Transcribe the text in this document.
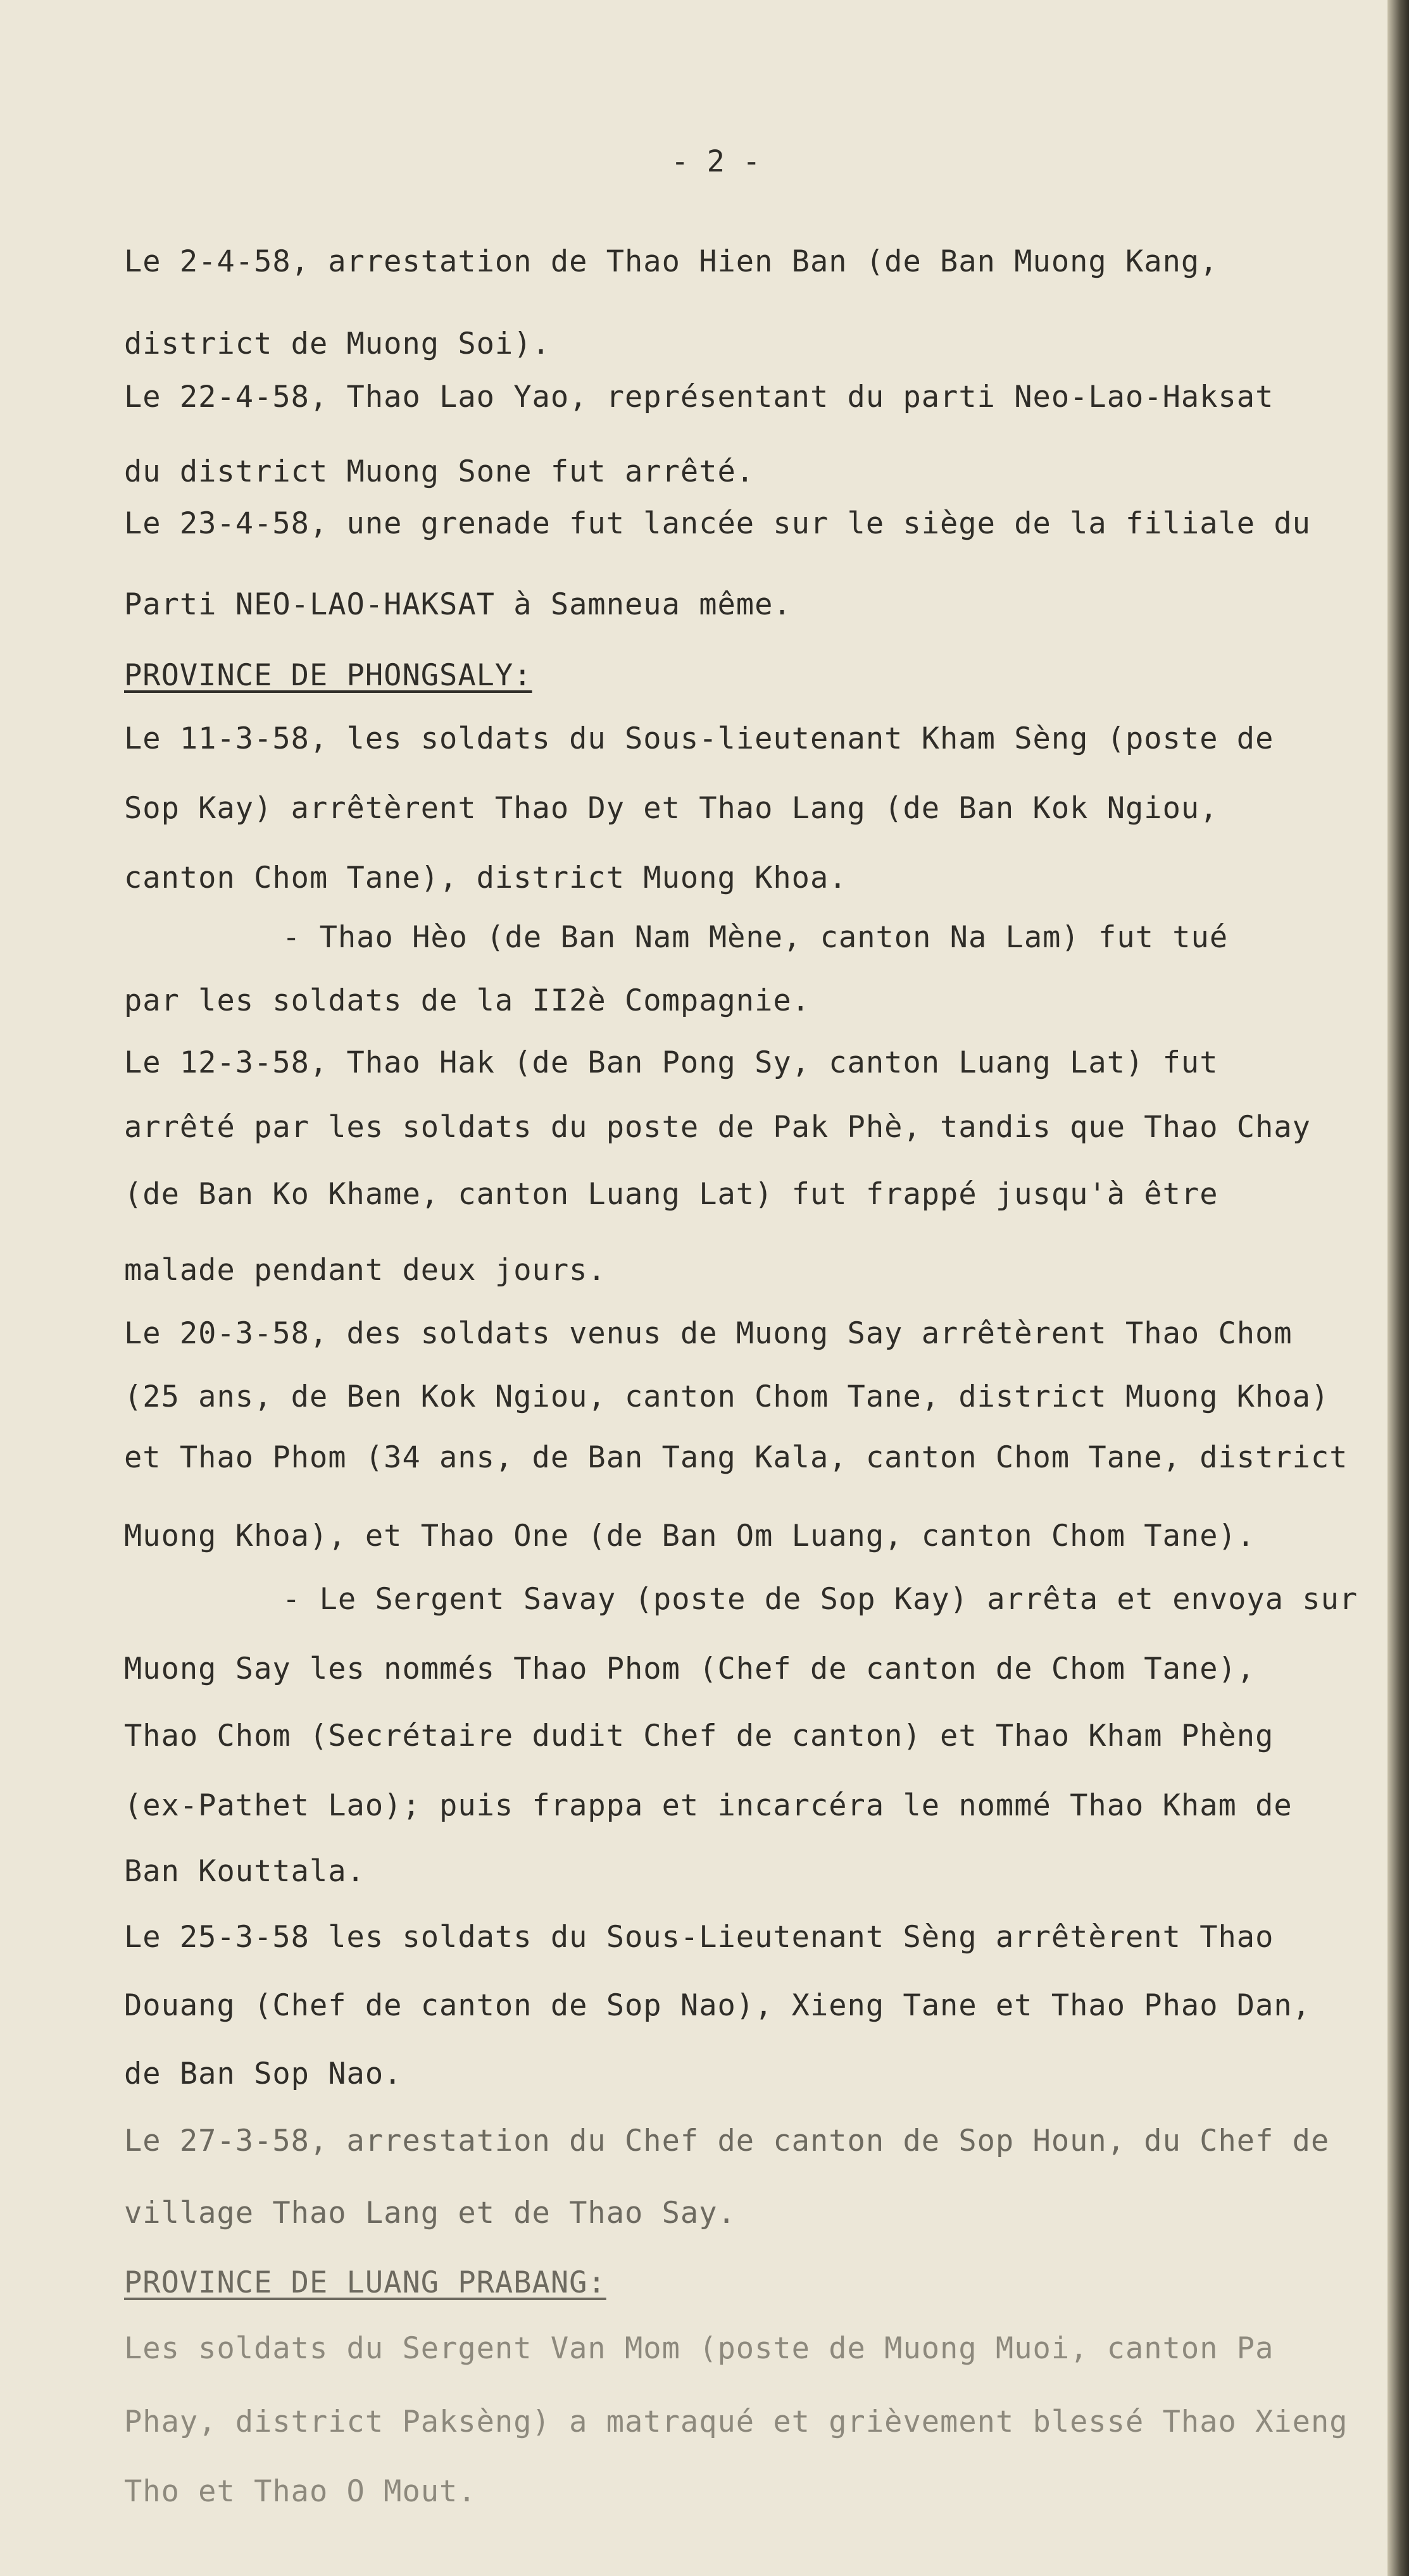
- 2 -
Le 2-4-58, arrestation de Thao Hien Ban (de Ban Muong Kang,
district de Muong Soi).
Le 22-4-58, Thao Lao Yao, représentant du parti Neo-Lao-Haksat
du district Muong Sone fut arrêté.
Le 23-4-58, une grenade fut lancée sur le siège de la filiale du
Parti NEO-LAO-HAKSAT à Samneua même.
PROVINCE DE PHONGSALY:
Le 11-3-58, les soldats du Sous-lieutenant Kham Sèng (poste de
Sop Kay) arrêtèrent Thao Dy et Thao Lang (de Ban Kok Ngiou,
canton Chom Tane), district Muong Khoa.
- Thao Hèo (de Ban Nam Mène, canton Na Lam) fut tué
par les soldats de la II2è Compagnie.
Le 12-3-58, Thao Hak (de Ban Pong Sy, canton Luang Lat) fut
arrêté par les soldats du poste de Pak Phè, tandis que Thao Chay
(de Ban Ko Khame, canton Luang Lat) fut frappé jusqu'à être
malade pendant deux jours.
Le 20-3-58, des soldats venus de Muong Say arrêtèrent Thao Chom
(25 ans, de Ben Kok Ngiou, canton Chom Tane, district Muong Khoa)
et Thao Phom (34 ans, de Ban Tang Kala, canton Chom Tane, district
Muong Khoa), et Thao One (de Ban Om Luang, canton Chom Tane).
- Le Sergent Savay (poste de Sop Kay) arrêta et envoya sur
Muong Say les nommés Thao Phom (Chef de canton de Chom Tane),
Thao Chom (Secrétaire dudit Chef de canton) et Thao Kham Phèng
(ex-Pathet Lao); puis frappa et incarcéra le nommé Thao Kham de
Ban Kouttala.
Le 25-3-58 les soldats du Sous-Lieutenant Sèng arrêtèrent Thao
Douang (Chef de canton de Sop Nao), Xieng Tane et Thao Phao Dan,
de Ban Sop Nao.
Le 27-3-58, arrestation du Chef de canton de Sop Houn, du Chef de
village Thao Lang et de Thao Say.
PROVINCE DE LUANG PRABANG:
Les soldats du Sergent Van Mom (poste de Muong Muoi, canton Pa
Phay, district Paksèng) a matraqué et grièvement blessé Thao Xieng
Tho et Thao O Mout.
